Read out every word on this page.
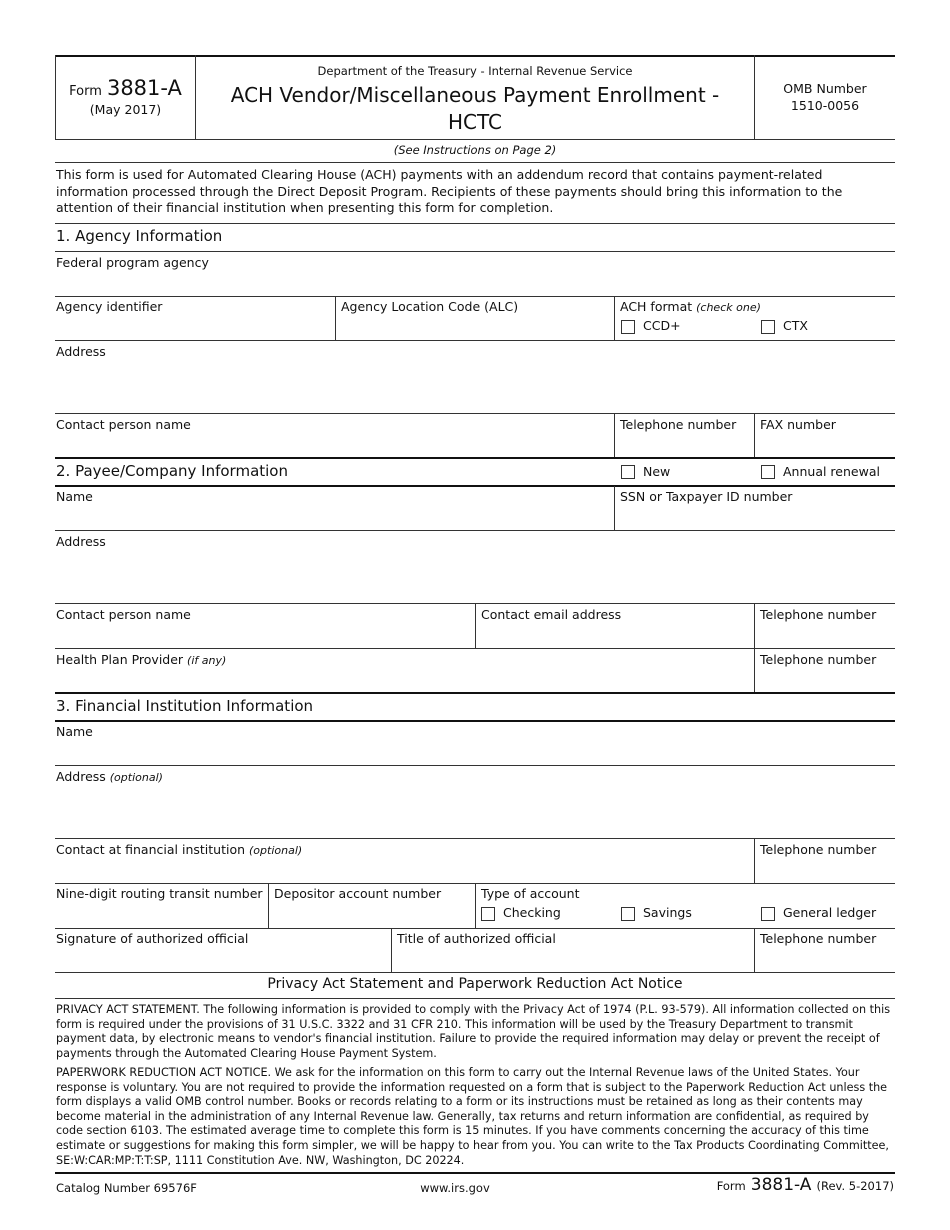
Form 3881-A
(May 2017)
Department of the Treasury - Internal Revenue Service
ACH Vendor/Miscellaneous Payment Enrollment -
HCTC
OMB Number
1510-0056
(See Instructions on Page 2)
This form is used for Automated Clearing House (ACH) payments with an addendum record that contains payment-related information processed through the Direct Deposit Program. Recipients of these payments should bring this information to the attention of their financial institution when presenting this form for completion.
1. Agency Information
Federal program agency
Agency identifier	Agency Location Code (ALC)	ACH format (check one)
CCD+	CTX
Address
Contact person name	Telephone number FAX number
2. Payee/Company Information	New	Annual renewal
Name	SSN or Taxpayer ID number
Address
Contact person name	Contact email address	Telephone number
Health Plan Provider (if any)	Telephone number
3. Financial Institution Information
Name
Address (optional)
Contact at financial institution (optional)	Telephone number
Nine-digit routing transit number Depositor account number	Type of account
Checking	Savings	General ledger
Signature of authorized official	Title of authorized official	Telephone number
Privacy Act Statement and Paperwork Reduction Act Notice
PRIVACY ACT STATEMENT. The following information is provided to comply with the Privacy Act of 1974 (P.L. 93-579). All information collected on this form is required under the provisions of 31 U.S.C. 3322 and 31 CFR 210. This information will be used by the Treasury Department to transmit payment data, by electronic means to vendor's financial institution. Failure to provide the required information may delay or prevent the receipt of payments through the Automated Clearing House Payment System.
PAPERWORK REDUCTION ACT NOTICE. We ask for the information on this form to carry out the Internal Revenue laws of the United States. Your response is voluntary. You are not required to provide the information requested on a form that is subject to the Paperwork Reduction Act unless the form displays a valid OMB control number. Books or records relating to a form or its instructions must be retained as long as their contents may become material in the administration of any Internal Revenue law. Generally, tax returns and return information are confidential, as required by code section 6103. The estimated average time to complete this form is 15 minutes. If you have comments concerning the accuracy of this time estimate or suggestions for making this form simpler, we will be happy to hear from you. You can write to the Tax Products Coordinating Committee, SE:W:CAR:MP:T:T:SP, 1111 Constitution Ave. NW, Washington, DC 20224.
Catalog Number 69576F	www.irs.gov	Form 3881-A (Rev. 5-2017)
